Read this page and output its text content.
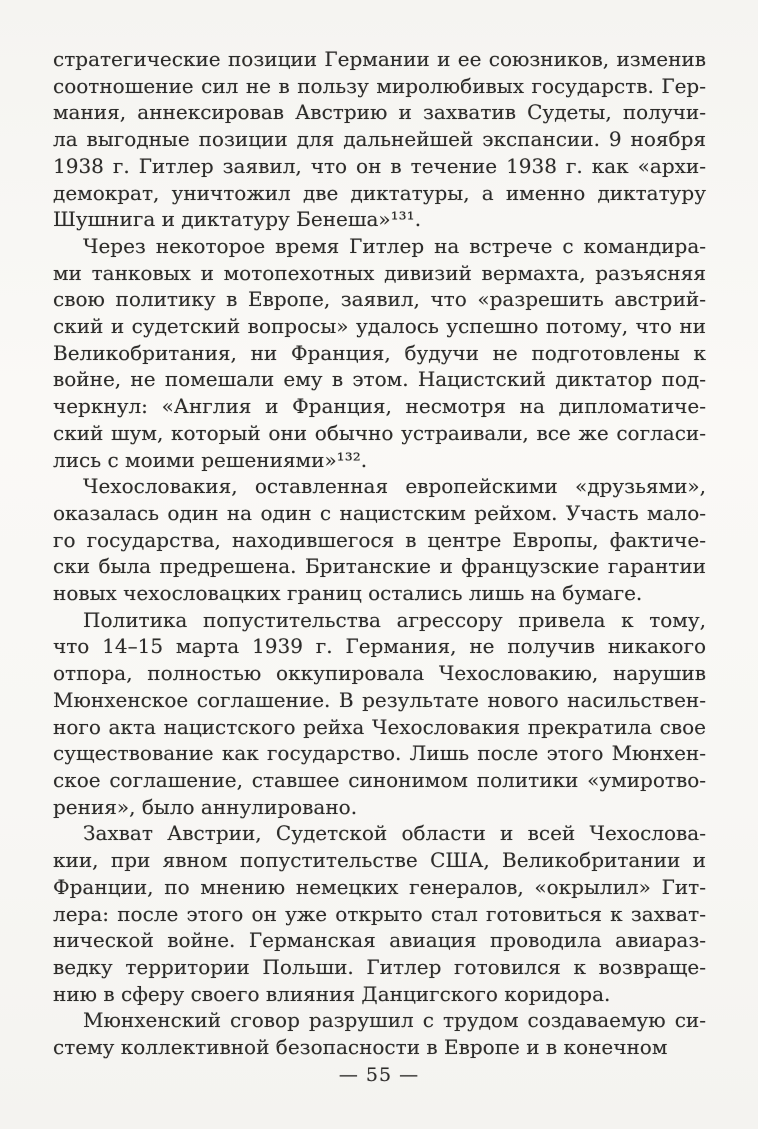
стратегические позиции Германии и ее союзников, изменив
соотношение сил не в пользу миролюбивых государств. Гер-
мания, аннексировав Австрию и захватив Судеты, получи-
ла выгодные позиции для дальнейшей экспансии. 9 ноября
1938 г. Гитлер заявил, что он в течение 1938 г. как «архи-
демократ, уничтожил две диктатуры, а именно диктатуру
Шушнига и диктатуру Бенеша»¹³¹.
Через некоторое время Гитлер на встрече с командира-
ми танковых и мотопехотных дивизий вермахта, разъясняя
свою политику в Европе, заявил, что «разрешить австрий-
ский и судетский вопросы» удалось успешно потому, что ни
Великобритания, ни Франция, будучи не подготовлены к
войне, не помешали ему в этом. Нацистский диктатор под-
черкнул: «Англия и Франция, несмотря на дипломатиче-
ский шум, который они обычно устраивали, все же согласи-
лись с моими решениями»¹³².
Чехословакия, оставленная европейскими «друзьями»,
оказалась один на один с нацистским рейхом. Участь мало-
го государства, находившегося в центре Европы, фактиче-
ски была предрешена. Британские и французские гарантии
новых чехословацких границ остались лишь на бумаге.
Политика попустительства агрессору привела к тому,
что 14–15 марта 1939 г. Германия, не получив никакого
отпора, полностью оккупировала Чехословакию, нарушив
Мюнхенское соглашение. В результате нового насильствен-
ного акта нацистского рейха Чехословакия прекратила свое
существование как государство. Лишь после этого Мюнхен-
ское соглашение, ставшее синонимом политики «умиротво-
рения», было аннулировано.
Захват Австрии, Судетской области и всей Чехослова-
кии, при явном попустительстве США, Великобритании и
Франции, по мнению немецких генералов, «окрылил» Гит-
лера: после этого он уже открыто стал готовиться к захват-
нической войне. Германская авиация проводила авиараз-
ведку территории Польши. Гитлер готовился к возвраще-
нию в сферу своего влияния Данцигского коридора.
Мюнхенский сговор разрушил с трудом создаваемую си-
стему коллективной безопасности в Европе и в конечном
— 55 —
